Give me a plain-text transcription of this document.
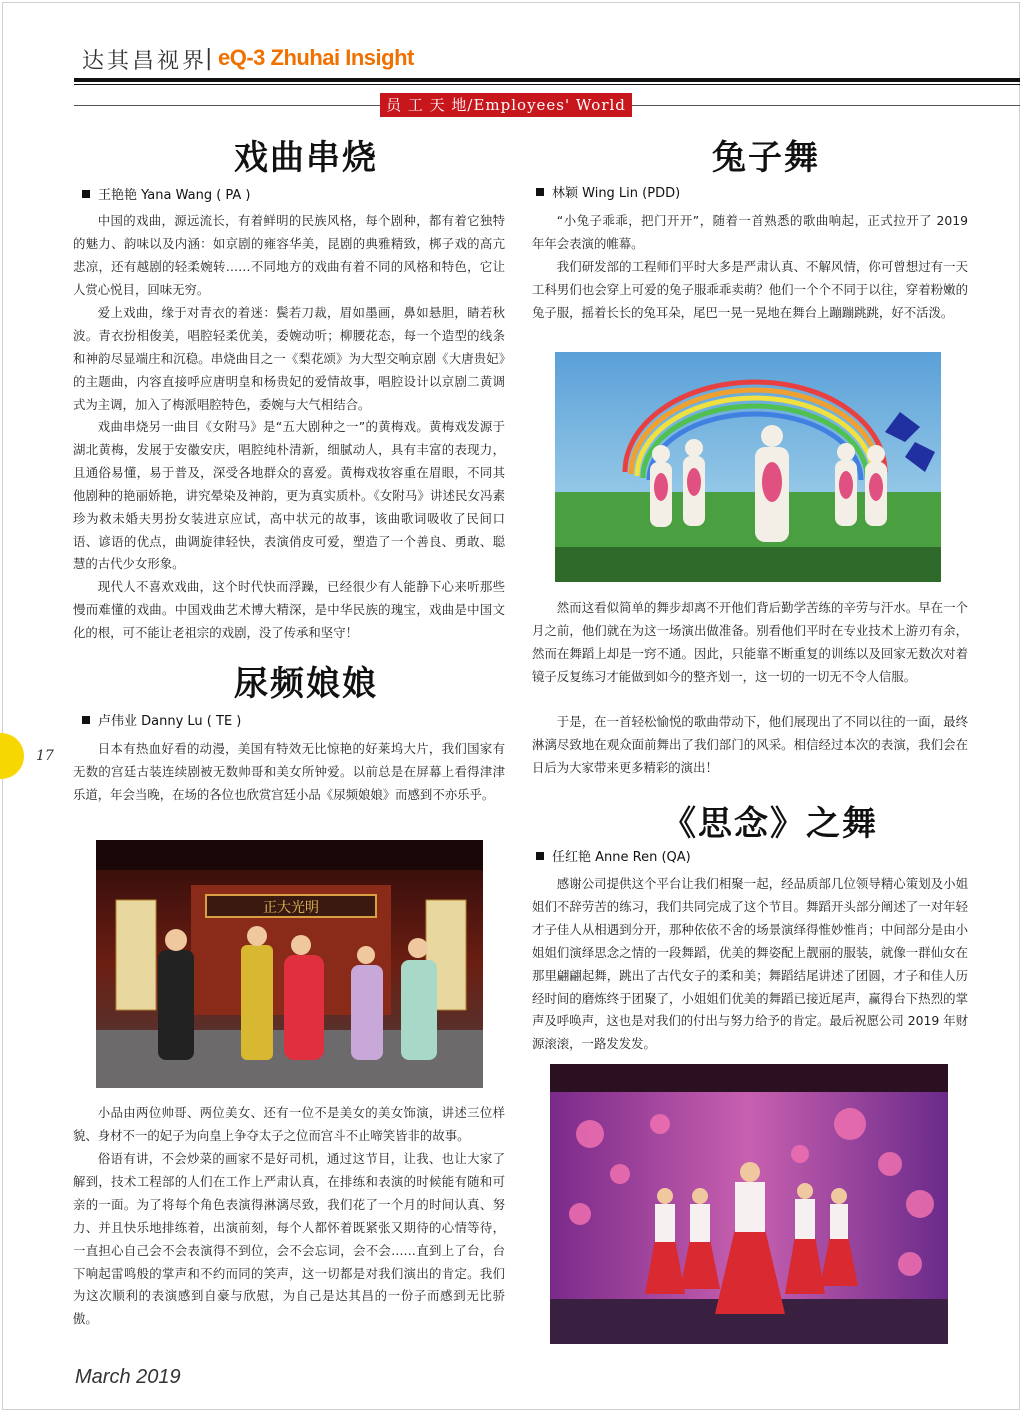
达其昌视界
| eQ-3 Zhuhai Insight
员 工 天 地/Employees' World
戏曲串烧
王艳艳 Yana Wang ( PA )

中国的戏曲，源远流长，有着鲜明的民族风格，每个剧种，都有着它独特的魅力、韵味以及内涵：如京剧的雍容华美，昆剧的典雅精致，梆子戏的高亢悲凉，还有越剧的轻柔婉转……不同地方的戏曲有着不同的风格和特色，它让人赏心悦目，回味无穷。

爱上戏曲，缘于对青衣的着迷：鬓若刀裁，眉如墨画，鼻如悬胆，睛若秋波。青衣扮相俊美，唱腔轻柔优美，委婉动听；柳腰花态，每一个造型的线条和神韵尽显端庄和沉稳。串烧曲目之一《梨花颂》为大型交响京剧《大唐贵妃》的主题曲，内容直接呼应唐明皇和杨贵妃的爱情故事，唱腔设计以京剧二黄调式为主调，加入了梅派唱腔特色，委婉与大气相结合。

戏曲串烧另一曲目《女附马》是“五大剧种之一”的黄梅戏。黄梅戏发源于湖北黄梅，发展于安徽安庆，唱腔纯朴清新，细腻动人，具有丰富的表现力，且通俗易懂，易于普及，深受各地群众的喜爱。黄梅戏妆容重在眉眼，不同其他剧种的艳丽娇艳，讲究晕染及神韵，更为真实质朴。《女附马》讲述民女冯素珍为救未婚夫男扮女装进京应试，高中状元的故事，该曲歌词吸收了民间口语、谚语的优点，曲调旋律轻快，表演俏皮可爱，塑造了一个善良、勇敢、聪慧的古代少女形象。

现代人不喜欢戏曲，这个时代快而浮躁，已经很少有人能静下心来听那些慢而难懂的戏曲。中国戏曲艺术博大精深，是中华民族的瑰宝，戏曲是中国文化的根，可不能让老祖宗的戏剧，没了传承和坚守！

尿频娘娘
卢伟业 Danny Lu ( TE )

日本有热血好看的动漫，美国有特效无比惊艳的好莱坞大片，我们国家有无数的宫廷古装连续剧被无数帅哥和美女所钟爱。以前总是在屏幕上看得津津乐道，年会当晚，在场的各位也欣赏宫廷小品《尿频娘娘》而感到不亦乐乎。

正大光明

小品由两位帅哥、两位美女、还有一位不是美女的美女饰演，讲述三位样貌、身材不一的妃子为向皇上争夺太子之位而宫斗不止啼笑皆非的故事。

俗语有讲，不会炒菜的画家不是好司机，通过这节目，让我、也让大家了解到，技术工程部的人们在工作上严肃认真，在排练和表演的时候能有随和可亲的一面。为了将每个角色表演得淋漓尽致，我们花了一个月的时间认真、努力、并且快乐地排练着，出演前刻，每个人都怀着既紧张又期待的心情等待，一直担心自己会不会表演得不到位，会不会忘词，会不会……直到上了台，台下响起雷鸣般的掌声和不约而同的笑声，这一切都是对我们演出的肯定。我们为这次顺利的表演感到自豪与欣慰，为自己是达其昌的一份子而感到无比骄傲。

兔子舞
林颖 Wing Lin (PDD)

“小兔子乖乖，把门开开”，随着一首熟悉的歌曲响起，正式拉开了 2019 年年会表演的帷幕。

我们研发部的工程师们平时大多是严肃认真、不解风情，你可曾想过有一天工科男们也会穿上可爱的兔子服乖乖卖萌？他们一个个不同于以往，穿着粉嫩的兔子服，摇着长长的兔耳朵，尾巴一晃一晃地在舞台上蹦蹦跳跳，好不活泼。

然而这看似简单的舞步却离不开他们背后勤学苦练的辛劳与汗水。早在一个月之前，他们就在为这一场演出做准备。别看他们平时在专业技术上游刃有余，然而在舞蹈上却是一窍不通。因此，只能靠不断重复的训练以及回家无数次对着镜子反复练习才能做到如今的整齐划一，这一切的一切无不令人信服。

于是，在一首轻松愉悦的歌曲带动下，他们展现出了不同以往的一面，最终淋漓尽致地在观众面前舞出了我们部门的风采。相信经过本次的表演，我们会在日后为大家带来更多精彩的演出！

《思念》之舞
任红艳 Anne Ren (QA)

感谢公司提供这个平台让我们相聚一起，经品质部几位领导精心策划及小姐姐们不辞劳苦的练习，我们共同完成了这个节目。舞蹈开头部分阐述了一对年轻才子佳人从相遇到分开，那种依依不舍的场景演绎得惟妙惟肖；中间部分是由小姐姐们演绎思念之情的一段舞蹈，优美的舞姿配上靓丽的服装，就像一群仙女在那里翩翩起舞，跳出了古代女子的柔和美；舞蹈结尾讲述了团圆，才子和佳人历经时间的磨炼终于团聚了，小姐姐们优美的舞蹈已接近尾声，赢得台下热烈的掌声及呼唤声，这也是对我们的付出与努力给予的肯定。最后祝愿公司 2019 年财源滚滚，一路发发发。

17
March 2019
